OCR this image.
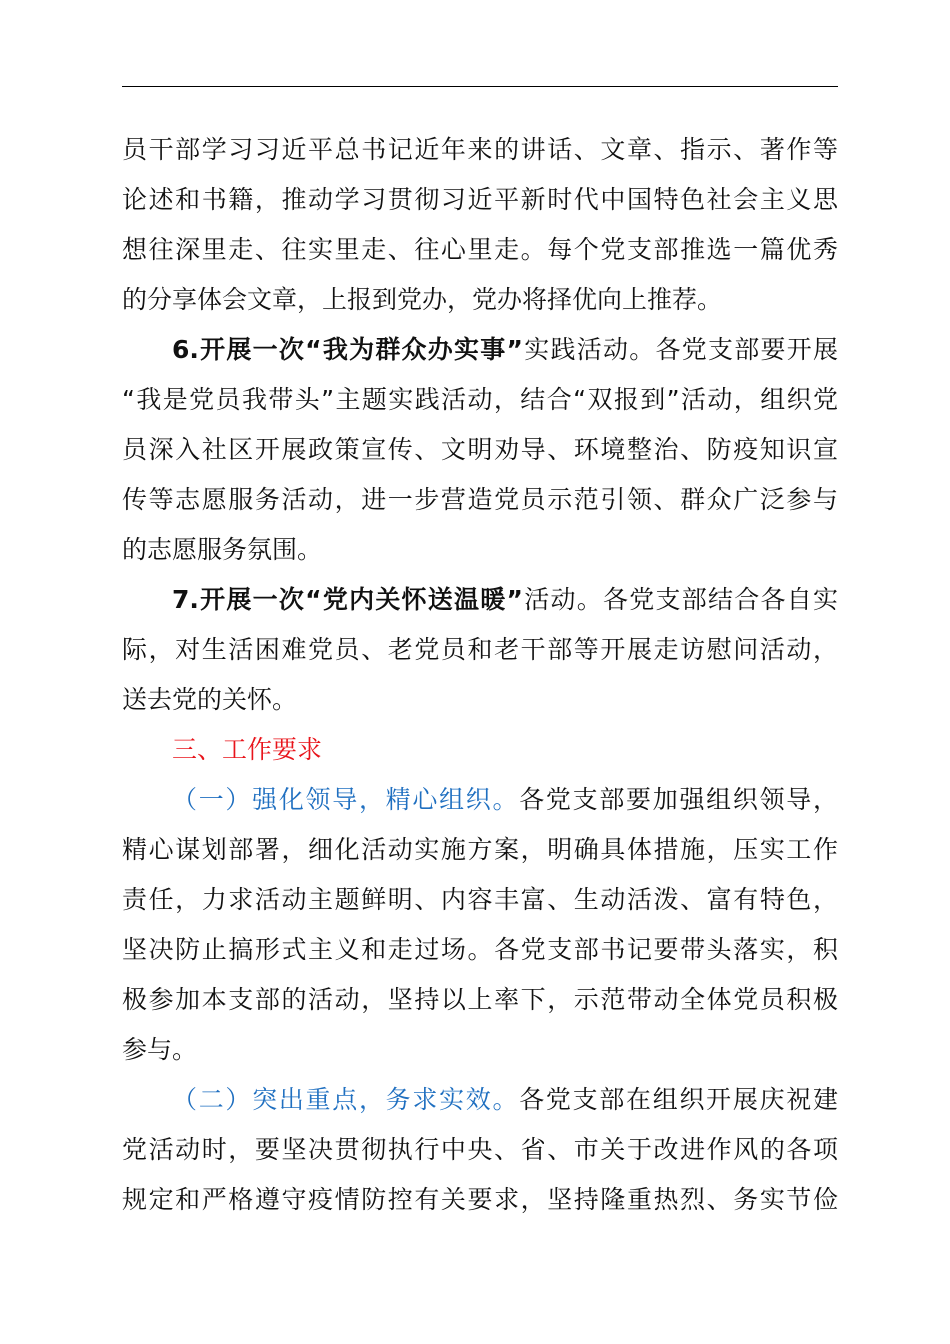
员干部学习习近平总书记近年来的讲话、文章、指示、著作等
论述和书籍，推动学习贯彻习近平新时代中国特色社会主义思
想往深里走、往实里走、往心里走。每个党支部推选一篇优秀
的分享体会文章，上报到党办，党办将择优向上推荐。
6.开展一次“我为群众办实事”实践活动。各党支部要开展
“我是党员我带头”主题实践活动，结合“双报到”活动，组织党
员深入社区开展政策宣传、文明劝导、环境整治、防疫知识宣
传等志愿服务活动，进一步营造党员示范引领、群众广泛参与
的志愿服务氛围。
7.开展一次“党内关怀送温暖”活动。各党支部结合各自实
际，对生活困难党员、老党员和老干部等开展走访慰问活动，
送去党的关怀。
三、工作要求
（一）强化领导，精心组织。各党支部要加强组织领导，
精心谋划部署，细化活动实施方案，明确具体措施，压实工作
责任，力求活动主题鲜明、内容丰富、生动活泼、富有特色，
坚决防止搞形式主义和走过场。各党支部书记要带头落实，积
极参加本支部的活动，坚持以上率下，示范带动全体党员积极
参与。
（二）突出重点，务求实效。各党支部在组织开展庆祝建
党活动时，要坚决贯彻执行中央、省、市关于改进作风的各项
规定和严格遵守疫情防控有关要求，坚持隆重热烈、务实节俭
